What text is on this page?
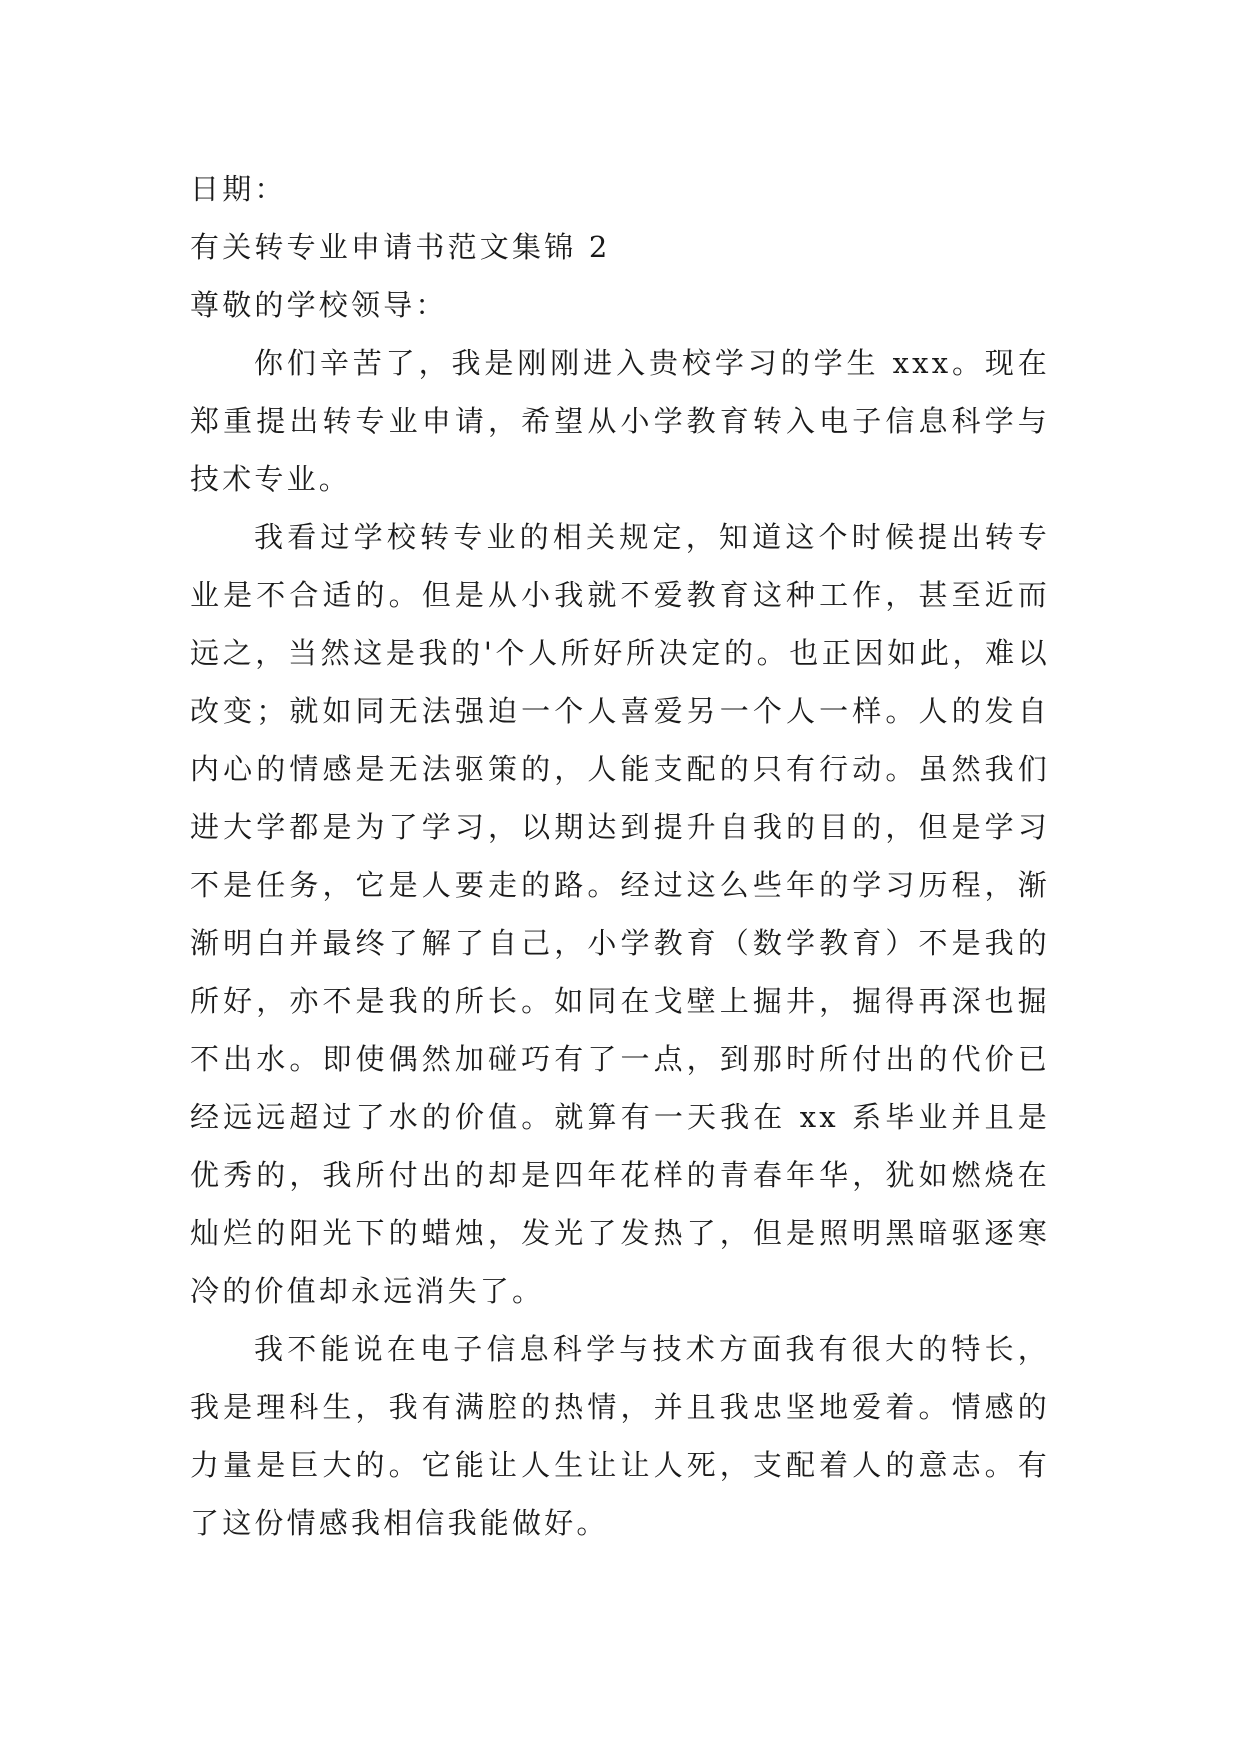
日期：

有关转专业申请书范文集锦 2

尊敬的学校领导：

你们辛苦了，我是刚刚进入贵校学习的学生 xxx。现在郑重提出转专业申请，希望从小学教育转入电子信息科学与技术专业。

我看过学校转专业的相关规定，知道这个时候提出转专业是不合适的。但是从小我就不爱教育这种工作，甚至近而远之，当然这是我的'个人所好所决定的。也正因如此，难以改变；就如同无法强迫一个人喜爱另一个人一样。人的发自内心的情感是无法驱策的，人能支配的只有行动。虽然我们进大学都是为了学习，以期达到提升自我的目的，但是学习不是任务，它是人要走的路。经过这么些年的学习历程，渐渐明白并最终了解了自己，小学教育（数学教育）不是我的所好，亦不是我的所长。如同在戈壁上掘井，掘得再深也掘不出水。即使偶然加碰巧有了一点，到那时所付出的代价已经远远超过了水的价值。就算有一天我在 xx 系毕业并且是优秀的，我所付出的却是四年花样的青春年华，犹如燃烧在灿烂的阳光下的蜡烛，发光了发热了，但是照明黑暗驱逐寒冷的价值却永远消失了。

我不能说在电子信息科学与技术方面我有很大的特长，我是理科生，我有满腔的热情，并且我忠坚地爱着。情感的力量是巨大的。它能让人生让让人死，支配着人的意志。有了这份情感我相信我能做好。
